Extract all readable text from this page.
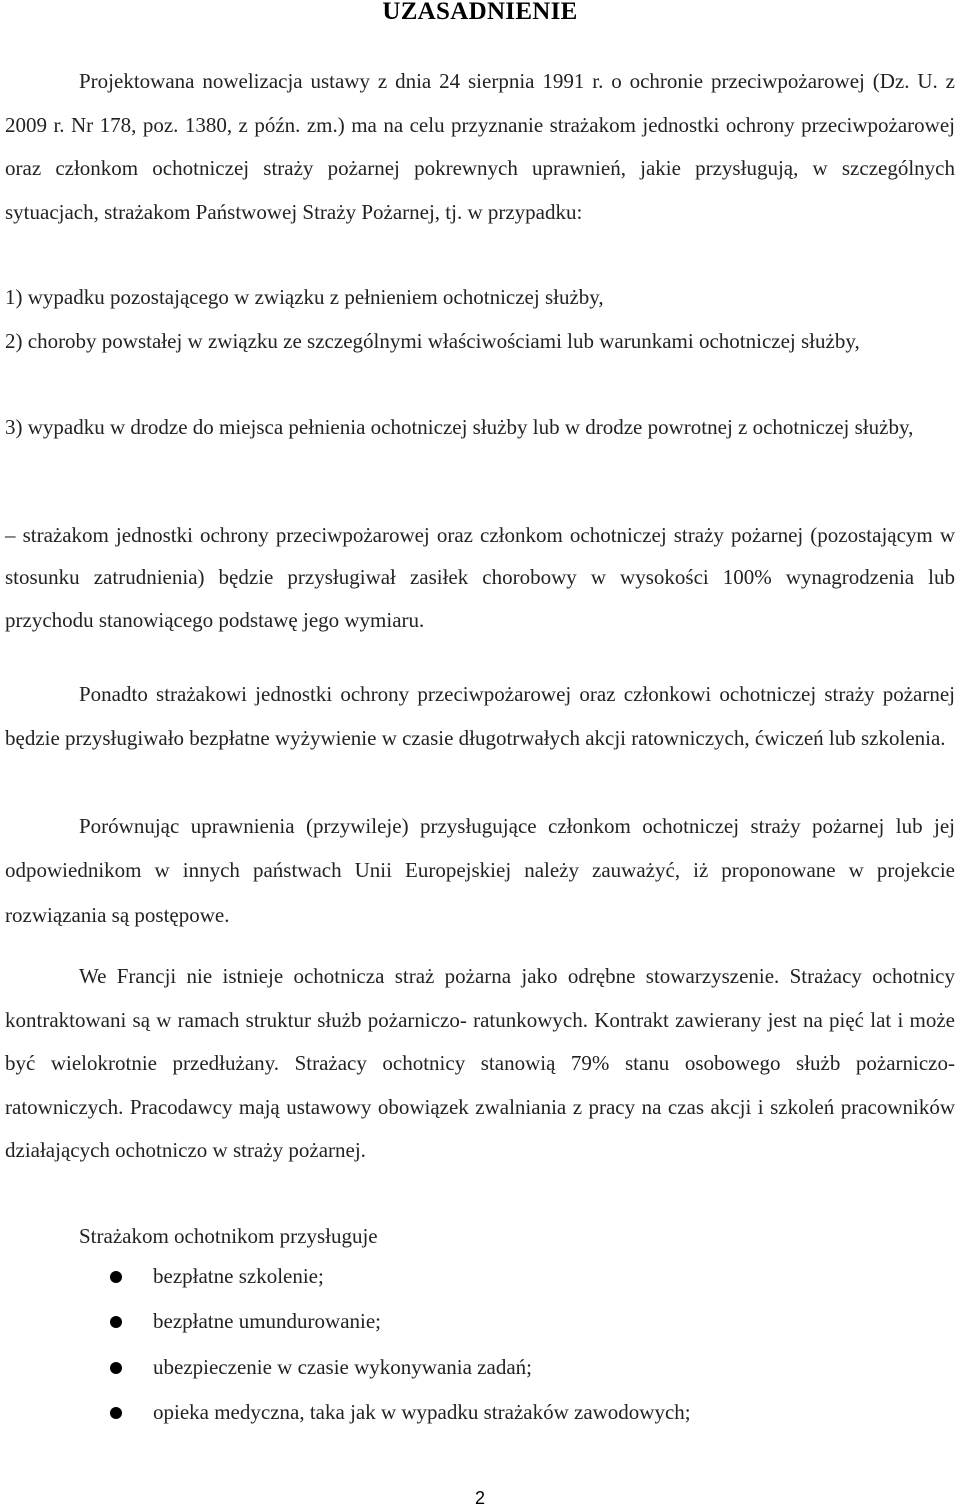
UZASADNIENIE
Projektowana nowelizacja ustawy z dnia 24 sierpnia 1991 r. o ochronie przeciwpożarowej (Dz. U. z 2009 r. Nr 178, poz. 1380, z późn. zm.) ma na celu przyznanie strażakom jednostki ochrony przeciwpożarowej oraz członkom ochotniczej straży pożarnej pokrewnych uprawnień, jakie przysługują, w szczególnych sytuacjach, strażakom Państwowej Straży Pożarnej, tj. w przypadku:
1) wypadku pozostającego w związku z pełnieniem ochotniczej służby,
2) choroby powstałej w związku ze szczególnymi właściwościami lub warunkami ochotniczej służby,
3) wypadku w drodze do miejsca pełnienia ochotniczej służby lub w drodze powrotnej z ochotniczej służby,
– strażakom jednostki ochrony przeciwpożarowej oraz członkom ochotniczej straży pożarnej (pozostającym w stosunku zatrudnienia) będzie przysługiwał zasiłek chorobowy w wysokości 100% wynagrodzenia lub przychodu stanowiącego podstawę jego wymiaru.
Ponadto strażakowi jednostki ochrony przeciwpożarowej oraz członkowi ochotniczej straży pożarnej będzie przysługiwało bezpłatne wyżywienie w czasie długotrwałych akcji ratowniczych, ćwiczeń lub szkolenia.
Porównując uprawnienia (przywileje) przysługujące członkom ochotniczej straży pożarnej lub jej odpowiednikom w innych państwach Unii Europejskiej należy zauważyć, iż proponowane w projekcie rozwiązania są postępowe.
We Francji nie istnieje ochotnicza straż pożarna jako odrębne stowarzyszenie. Strażacy ochotnicy kontraktowani są w ramach struktur służb pożarniczo- ratunkowych. Kontrakt zawierany jest na pięć lat i może być wielokrotnie przedłużany. Strażacy ochotnicy stanowią 79% stanu osobowego służb pożarniczo-ratowniczych. Pracodawcy mają ustawowy obowiązek zwalniania z pracy na czas akcji i szkoleń pracowników działających ochotniczo w straży pożarnej.
Strażakom ochotnikom przysługuje
bezpłatne szkolenie;
bezpłatne umundurowanie;
ubezpieczenie w czasie wykonywania zadań;
opieka medyczna, taka jak w wypadku strażaków zawodowych;
2
